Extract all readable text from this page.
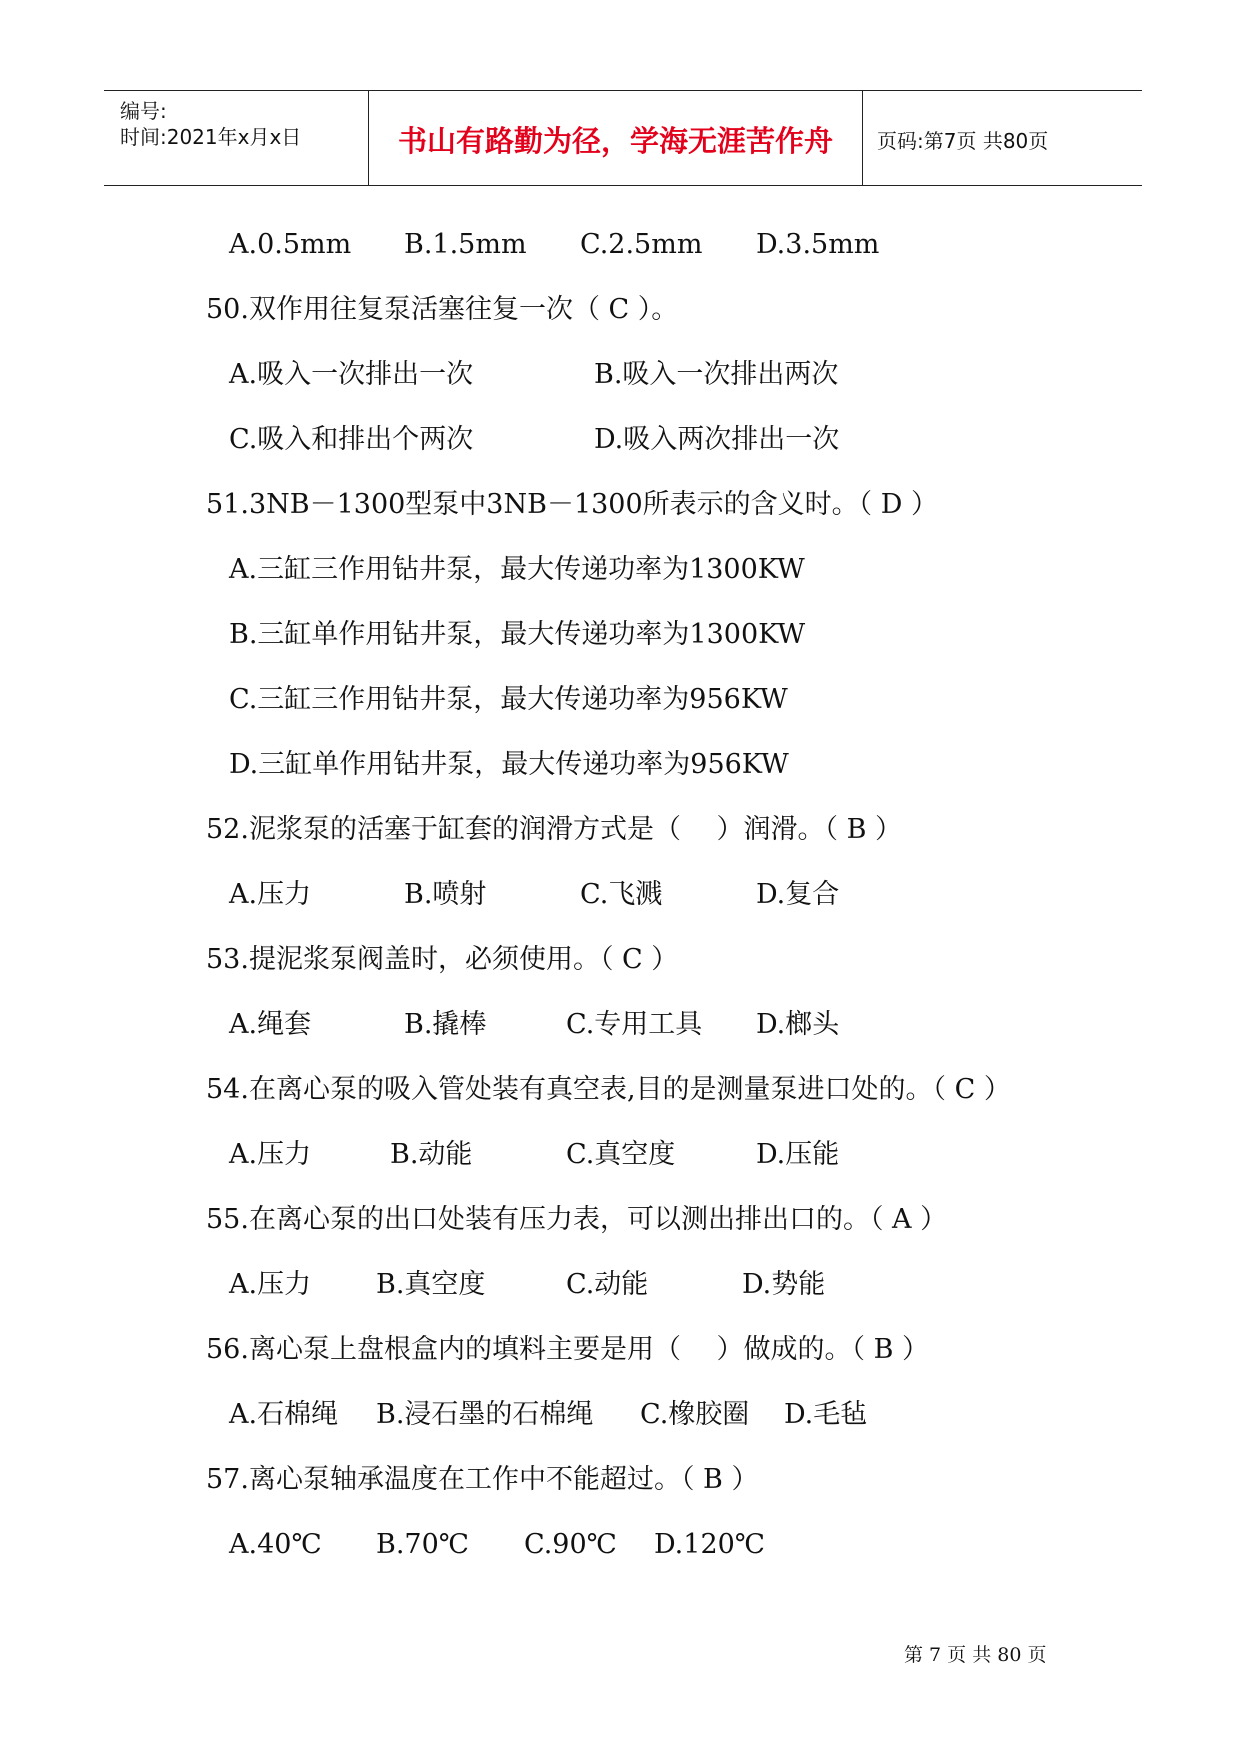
编号:
时间:2021年x月x日	书山有路勤为径，学海无涯苦作舟	页码:第7页 共80页
A.0.5mm B.1.5mm C.2.5mm D.3.5mm
50.双作用往复泵活塞往复一次（ C ）。
A.吸入一次排出一次	B.吸入一次排出两次
C.吸入和排出个两次	D.吸入两次排出一次
51.3NB－1300型泵中3NB－1300所表示的含义时。（ D ）
A.三缸三作用钻井泵，最大传递功率为1300KW
B.三缸单作用钻井泵，最大传递功率为1300KW
C.三缸三作用钻井泵，最大传递功率为956KW
D.三缸单作用钻井泵，最大传递功率为956KW
52.泥浆泵的活塞于缸套的润滑方式是（　 ）润滑。（ B ）
A.压力	B.喷射	C.飞溅	D.复合
53.提泥浆泵阀盖时，必须使用。（ C ）
A.绳套	B.撬棒	C.专用工具 D.榔头
54.在离心泵的吸入管处装有真空表,目的是测量泵进口处的。（ C ）
A.压力	B.动能	C.真空度	D.压能
55.在离心泵的出口处装有压力表，可以测出排出口的。（ A ）
A.压力 B.真空度	C.动能	D.势能
56.离心泵上盘根盒内的填料主要是用（　 ）做成的。（ B ）
A.石棉绳 B.浸石墨的石棉绳 C.橡胶圈 D.毛毡
57.离心泵轴承温度在工作中不能超过。（ B ）
A.40℃ B.70℃ C.90℃ D.120℃
第 7 页 共 80 页
